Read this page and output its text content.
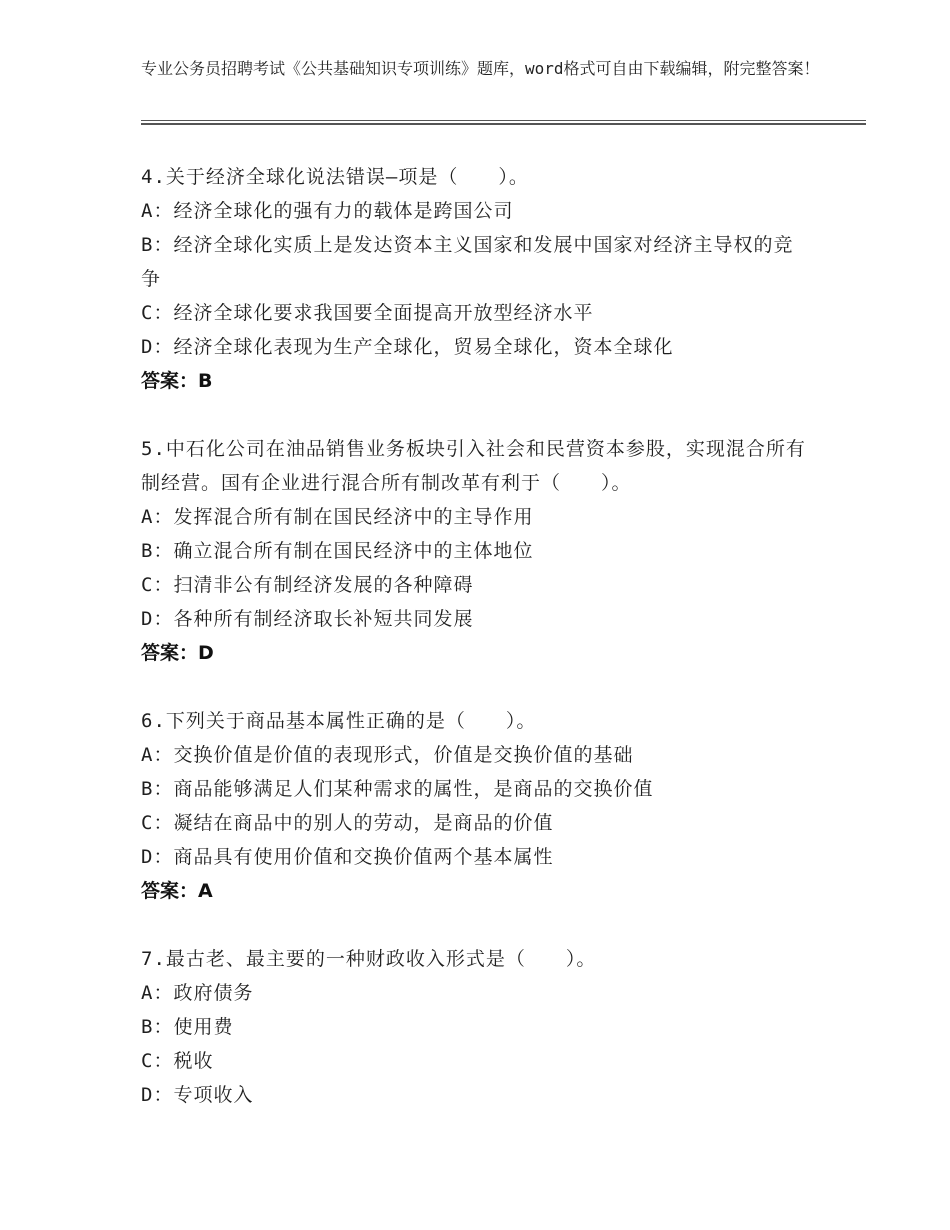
专业公务员招聘考试《公共基础知识专项训练》题库，word格式可自由下载编辑，附完整答案！
4.关于经济全球化说法错误—项是（　　）。
A：经济全球化的强有力的载体是跨国公司
B：经济全球化实质上是发达资本主义国家和发展中国家对经济主导权的竞争
C：经济全球化要求我国要全面提高开放型经济水平
D：经济全球化表现为生产全球化，贸易全球化，资本全球化
答案：B
5.中石化公司在油品销售业务板块引入社会和民营资本参股，实现混合所有制经营。国有企业进行混合所有制改革有利于（　　）。
A：发挥混合所有制在国民经济中的主导作用
B：确立混合所有制在国民经济中的主体地位
C：扫清非公有制经济发展的各种障碍
D：各种所有制经济取长补短共同发展
答案：D
6.下列关于商品基本属性正确的是（　　）。
A：交换价值是价值的表现形式，价值是交换价值的基础
B：商品能够满足人们某种需求的属性，是商品的交换价值
C：凝结在商品中的别人的劳动，是商品的价值
D：商品具有使用价值和交换价值两个基本属性
答案：A
7.最古老、最主要的一种财政收入形式是（　　）。
A：政府债务
B：使用费
C：税收
D：专项收入
